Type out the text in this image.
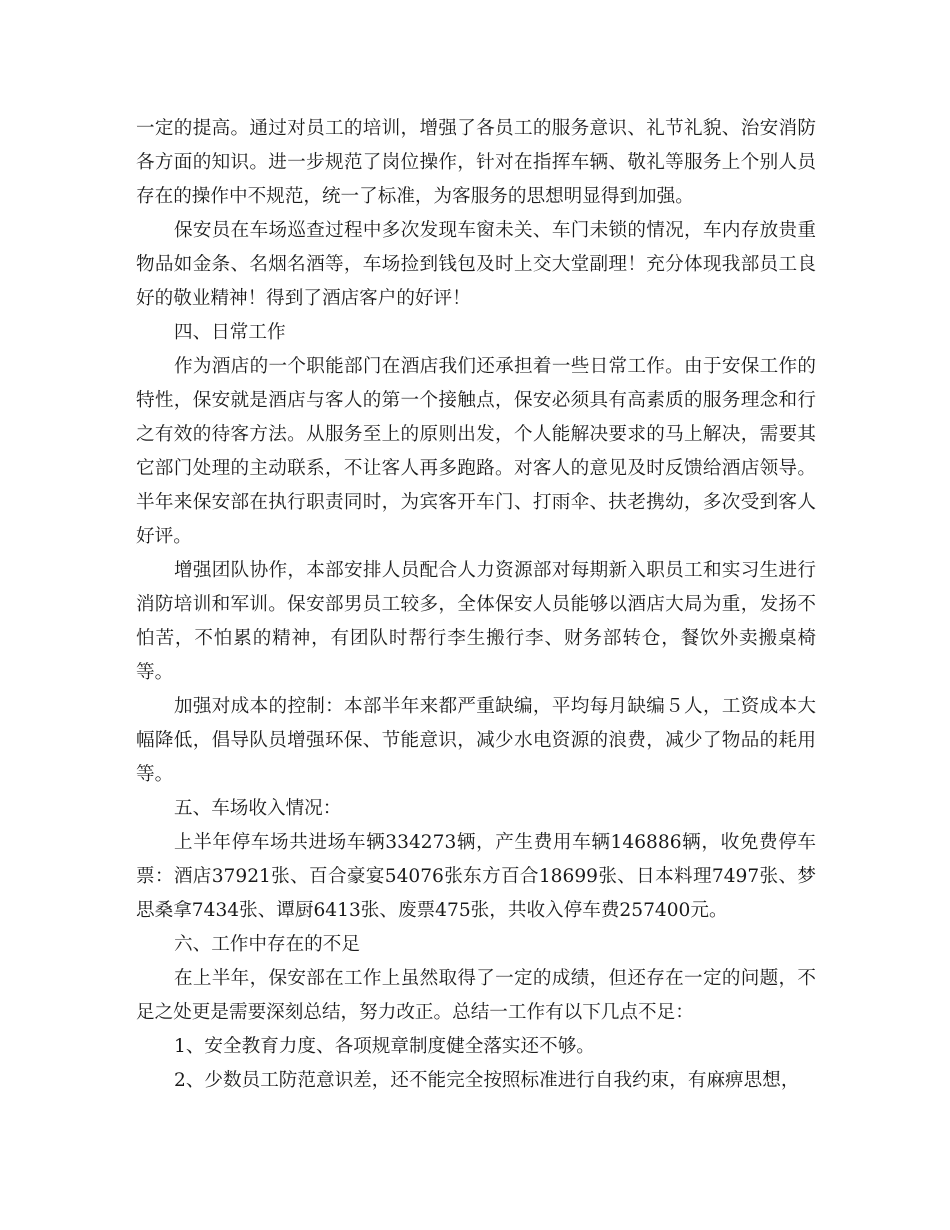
一定的提高。通过对员工的培训，增强了各员工的服务意识、礼节礼貌、治安消防各方面的知识。进一步规范了岗位操作，针对在指挥车辆、敬礼等服务上个别人员存在的操作中不规范，统一了标准，为客服务的思想明显得到加强。

保安员在车场巡查过程中多次发现车窗未关、车门未锁的情况，车内存放贵重物品如金条、名烟名酒等，车场捡到钱包及时上交大堂副理！充分体现我部员工良好的敬业精神！得到了酒店客户的好评！

四、日常工作

作为酒店的一个职能部门在酒店我们还承担着一些日常工作。由于安保工作的特性，保安就是酒店与客人的第一个接触点，保安必须具有高素质的服务理念和行之有效的待客方法。从服务至上的原则出发，个人能解决要求的马上解决，需要其它部门处理的主动联系，不让客人再多跑路。对客人的意见及时反馈给酒店领导。半年来保安部在执行职责同时，为宾客开车门、打雨伞、扶老携幼，多次受到客人好评。

增强团队协作，本部安排人员配合人力资源部对每期新入职员工和实习生进行消防培训和军训。保安部男员工较多，全体保安人员能够以酒店大局为重，发扬不怕苦，不怕累的精神，有团队时帮行李生搬行李、财务部转仓，餐饮外卖搬桌椅等。

加强对成本的控制：本部半年来都严重缺编，平均每月缺编５人，工资成本大幅降低，倡导队员增强环保、节能意识，减少水电资源的浪费，减少了物品的耗用等。

五、车场收入情况：

上半年停车场共进场车辆334273辆，产生费用车辆146886辆，收免费停车票：酒店37921张、百合豪宴54076张东方百合18699张、日本料理7497张、梦思桑拿7434张、谭厨6413张、废票475张，共收入停车费257400元。

六、工作中存在的不足

在上半年，保安部在工作上虽然取得了一定的成绩，但还存在一定的问题，不足之处更是需要深刻总结，努力改正。总结一工作有以下几点不足：

1、安全教育力度、各项规章制度健全落实还不够。

2、少数员工防范意识差，还不能完全按照标准进行自我约束，有麻痹思想，
